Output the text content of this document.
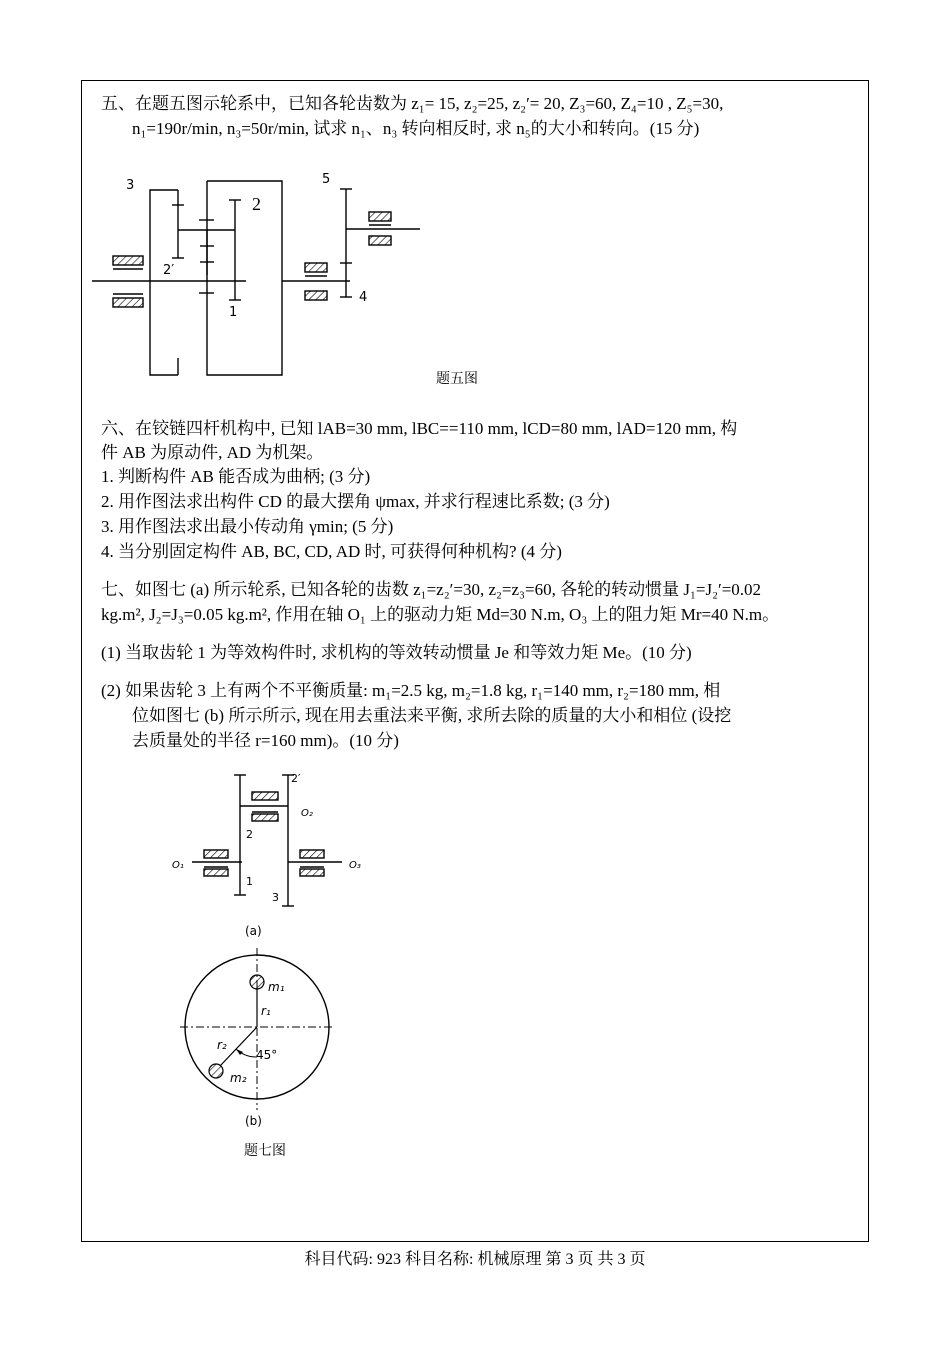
五、在题五图示轮系中，已知各轮齿数为 z₁= 15, z₂=25, z₂′= 20, Z₃=60, Z₄=10 , Z₅=30,
n₁=190r/min, n₃=50r/min, 试求 n₁、n₃ 转向相反时, 求 n₅的大小和转向。(15 分)
3
2
2′
1
5
4
题五图
六、在铰链四杆机构中, 已知 lAB=30 mm, lBC==110 mm, lCD=80 mm, lAD=120 mm, 构
件 AB 为原动件, AD 为机架。
1. 判断构件 AB 能否成为曲柄; (3 分)
2. 用作图法求出构件 CD 的最大摆角 ψmax, 并求行程速比系数; (3 分)
3. 用作图法求出最小传动角 γmin; (5 分)
4. 当分别固定构件 AB, BC, CD, AD 时, 可获得何种机构? (4 分)
七、如图七 (a) 所示轮系, 已知各轮的齿数 z₁=z₂′=30, z₂=z₃=60, 各轮的转动惯量 J₁=J₂′=0.02
kg.m², J₂=J₃=0.05 kg.m², 作用在轴 O₁ 上的驱动力矩 Md=30 N.m, O₃ 上的阻力矩 Mr=40 N.m。
(1) 当取齿轮 1 为等效构件时, 求机构的等效转动惯量 Je 和等效力矩 Me。(10 分)
(2) 如果齿轮 3 上有两个不平衡质量: m₁=2.5 kg, m₂=1.8 kg, r₁=140 mm, r₂=180 mm, 相
位如图七 (b) 所示所示, 现在用去重法来平衡, 求所去除的质量的大小和相位 (设挖
去质量处的半径 r=160 mm)。(10 分)
2′
O₂
2
O₁
1
3
O₃
(a)
m₁
r₁
r₂
45°
m₂
(b)
题七图
科目代码: 923 科目名称: 机械原理 第 3 页 共 3 页
